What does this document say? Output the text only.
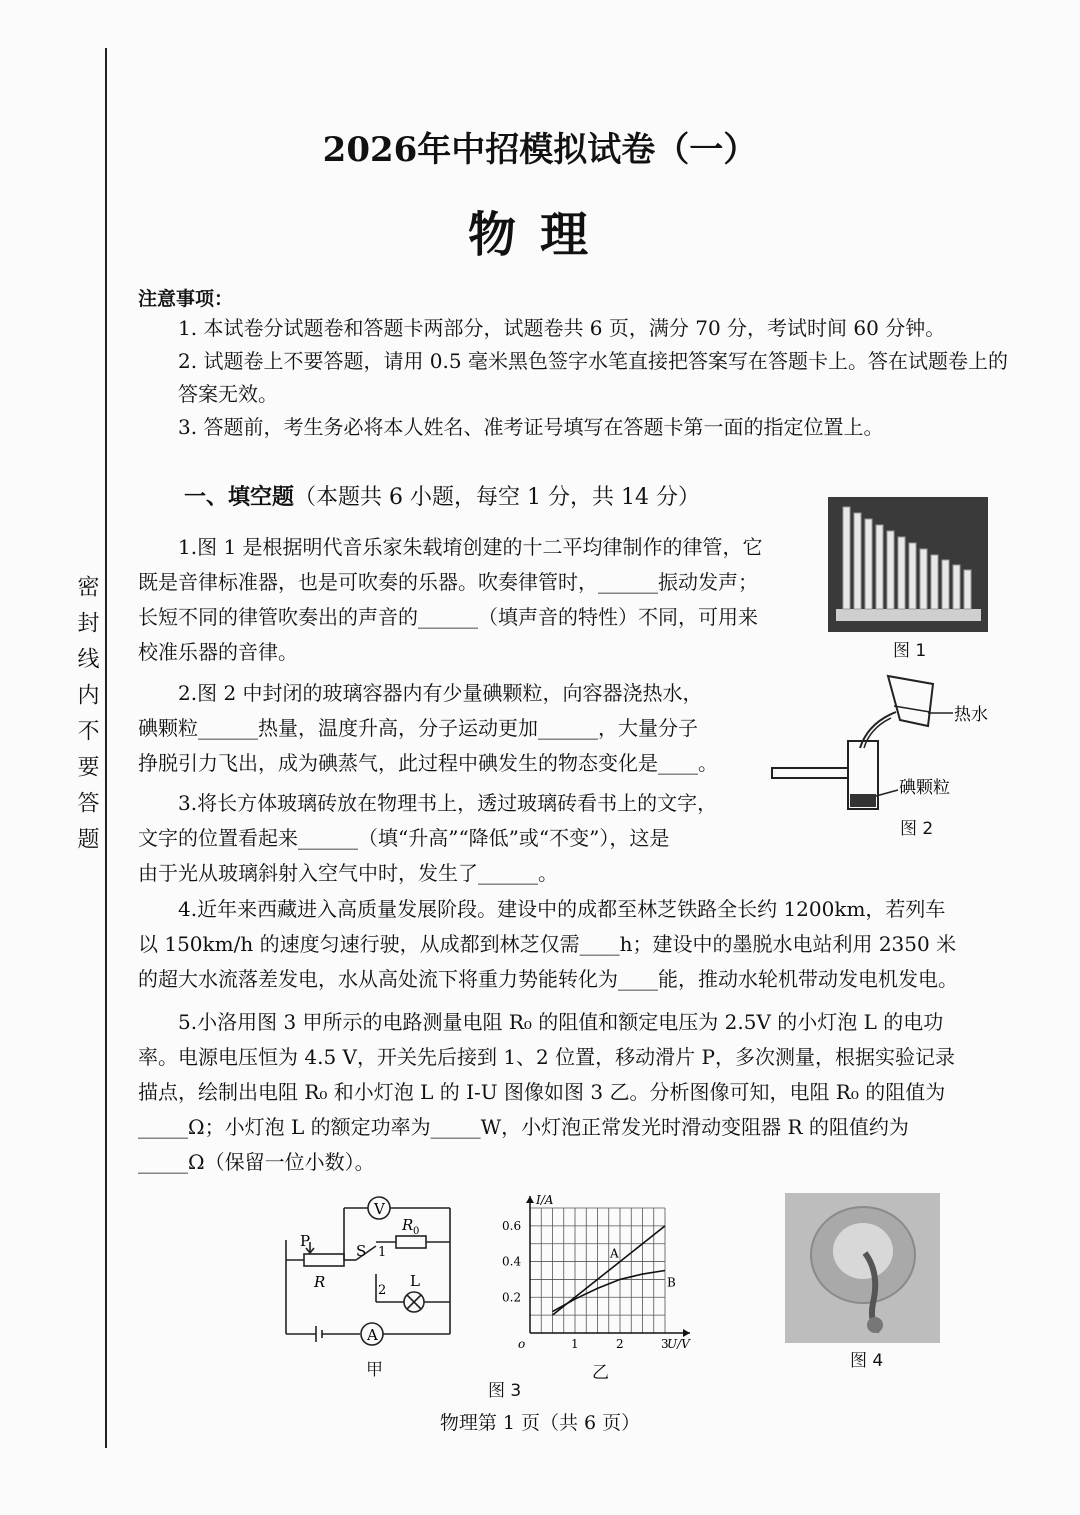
密封线内不要答题
2026年中招模拟试卷（一）
物理
注意事项：
1. 本试卷分试题卷和答题卡两部分，试题卷共 6 页，满分 70 分，考试时间 60 分钟。
2. 试题卷上不要答题，请用 0.5 毫米黑色签字水笔直接把答案写在答题卡上。答在试题卷上的答案无效。
3. 答题前，考生务必将本人姓名、准考证号填写在答题卡第一面的指定位置上。
一、填空题（本题共 6 小题，每空 1 分，共 14 分）
1.图 1 是根据明代音乐家朱载堉创建的十二平均律制作的律管，它
既是音律标准器，也是可吹奏的乐器。吹奏律管时，______振动发声；
长短不同的律管吹奏出的声音的______（填声音的特性）不同，可用来
校准乐器的音律。	图 1
2.图 2 中封闭的玻璃容器内有少量碘颗粒，向容器浇热水，
碘颗粒______热量，温度升高，分子运动更加______，大量分子
挣脱引力飞出，成为碘蒸气，此过程中碘发生的物态变化是____。
热水
碘颗粒
图 2
3.将长方体玻璃砖放在物理书上，透过玻璃砖看书上的文字，
文字的位置看起来______（填“升高”“降低”或“不变”），这是
由于光从玻璃斜射入空气中时，发生了______。
4.近年来西藏进入高质量发展阶段。建设中的成都至林芝铁路全长约 1200km，若列车
以 150km/h 的速度匀速行驶，从成都到林芝仅需____h；建设中的墨脱水电站利用 2350 米
的超大水流落差发电，水从高处流下将重力势能转化为____能，推动水轮机带动发电机发电。
5.小洛用图 3 甲所示的电路测量电阻 R₀ 的阻值和额定电压为 2.5V 的小灯泡 L 的电功
率。电源电压恒为 4.5 V，开关先后接到 1、2 位置，移动滑片 P，多次测量，根据实验记录
描点，绘制出电阻 R₀ 和小灯泡 L 的 I-U 图像如图 3 乙。分析图像可知，电阻 R₀ 的阻值为
_____Ω；小灯泡 L 的额定功率为_____W，小灯泡正常发光时滑动变阻器 R 的阻值约为
_____Ω（保留一位小数）。
V
A
P
R
S 1
2
R 0
L
甲
1	2	3
0.2
0.4
0.6
o	U/V
I/A
A
B
乙
图 3
图 4
物理第 1 页（共 6 页）
